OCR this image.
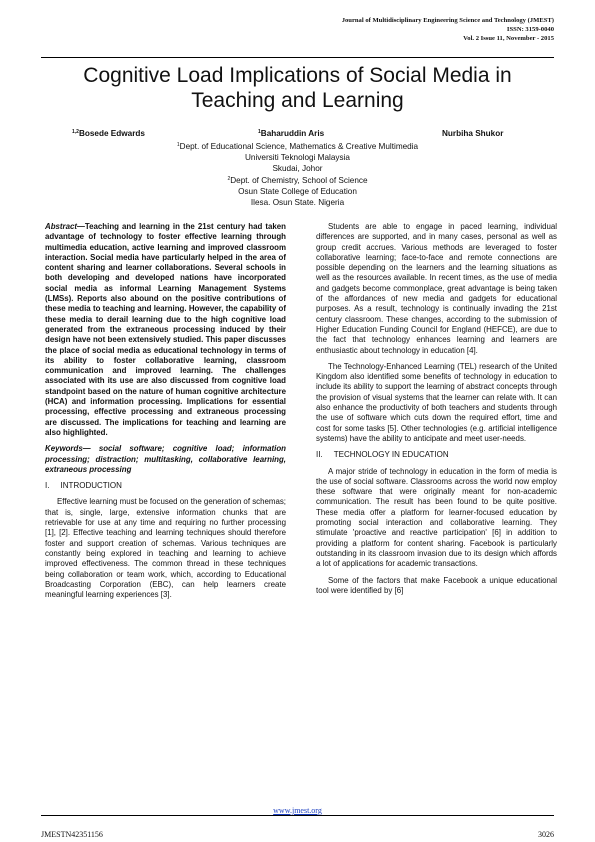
Journal of Multidisciplinary Engineering Science and Technology (JMEST)
ISSN: 3159-0040
Vol. 2 Issue 11, November - 2015
Cognitive Load Implications of Social Media in Teaching and Learning
$^{1,2}$Bosede Edwards	$^1$Baharuddin Aris	Nurbiha Shukor
$^1$Dept. of Educational Science, Mathematics & Creative Multimedia
Universiti Teknologi Malaysia
Skudai, Johor
$^2$Dept. of Chemistry, School of Science
Osun State College of Education
Ilesa. Osun State. Nigeria

Abstract—Teaching and learning in the 21st century had taken advantage of technology to foster effective learning through multimedia education, active learning and improved classroom interaction. Social media have particularly helped in the area of content sharing and learner collaborations. Several schools in both developing and developed nations have incorporated social media as informal Learning Management Systems (LMSs). Reports also abound on the positive contributions of these media to teaching and learning. However, the capability of these media to derail learning due to the high cognitive load generated from the extraneous processing induced by their design have not been extensively studied. This paper discusses the place of social media as educational technology in terms of its ability to foster collaborative learning, classroom communication and improved learning. The challenges associated with its use are also discussed from cognitive load standpoint based on the nature of human cognitive architecture (HCA) and information processing. Implications for essential processing, effective processing and extraneous processing are discussed. The implications for teaching and learning are also highlighted.

Keywords— social software; cognitive load; information processing; distraction; multitasking, collaborative learning, extraneous processing

I.     INTRODUCTION

Effective learning must be focused on the generation of schemas; that is, single, large, extensive information chunks that are retrievable for use at any time and requiring no further processing [1], [2]. Effective teaching and learning techniques should therefore foster and support creation of schemas. Various techniques are constantly being explored in teaching and learning to achieve improved effectiveness. The common thread in these techniques being collaboration or team work, which, according to Educational Broadcasting Corporation (EBC), can help learners create meaningful learning experiences [3].

Students are able to engage in paced learning, individual differences are supported, and in many cases, personal as well as group credit accrues. Various methods are leveraged to foster collaborative learning; face-to-face and remote connections are possible depending on the learners and the learning situations as well as the resources available. In recent times, as the use of media and gadgets become commonplace, great advantage is being taken of the affordances of new media and gadgets for educational purposes. As a result, technology is continually invading the 21st century classroom. These changes, according to the submission of Higher Education Funding Council for England (HEFCE), are due to the fact that technology enhances learning and learners are enthusiastic about technology in education [4].

The Technology-Enhanced Learning (TEL) research of the United Kingdom also identified some benefits of technology in education to include its ability to support the learning of abstract concepts through the provision of visual systems that the learner can relate with. It can also enhance the productivity of both teachers and students through the use of software which cuts down the required effort, time and cost for some tasks [5]. Other technologies (e.g. artificial intelligence systems) have the ability to anticipate and meet user-needs.

II.     TECHNOLOGY IN EDUCATION

A major stride of technology in education in the form of media is the use of social software. Classrooms across the world now employ these software that were originally meant for non-academic communication. The result has been found to be quite positive. These media offer a platform for learner-focused education by promoting social interaction and collaborative learning. They stimulate 'proactive and reactive participation' [6] in addition to providing a platform for content sharing. Facebook is particularly outstanding in its classroom invasion due to its design which affords a lot of applications for academic transactions.

Some of the factors that make Facebook a unique educational tool were identified by [6]

www.jmest.org
JMESTN42351156	3026
